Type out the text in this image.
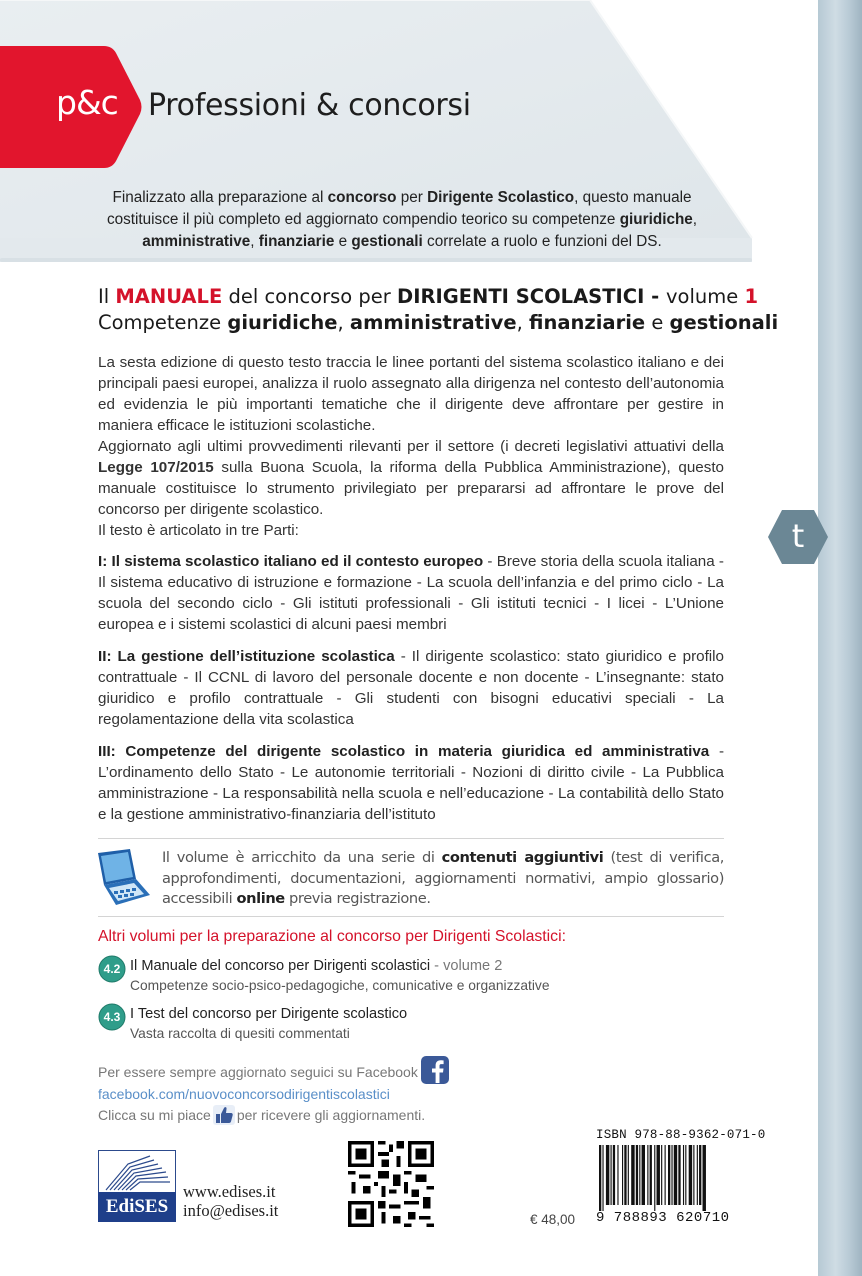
p&c Professioni & concorsi
Finalizzato alla preparazione al concorso per Dirigente Scolastico, questo manuale
costituisce il più completo ed aggiornato compendio teorico su competenze giuridiche,
amministrative, finanziarie e gestionali correlate a ruolo e funzioni del DS.
Il MANUALE del concorso per DIRIGENTI SCOLASTICI - volume 1
Competenze giuridiche, amministrative, finanziarie e gestionali

La sesta edizione di questo testo traccia le linee portanti del sistema scolastico italiano e dei principali paesi europei, analizza il ruolo assegnato alla dirigenza nel contesto dell’autonomia ed evidenzia le più importanti tematiche che il dirigente deve affrontare per gestire in maniera efficace le istituzioni scolastiche.

Aggiornato agli ultimi provvedimenti rilevanti per il settore (i decreti legislativi attuativi della Legge 107/2015 sulla Buona Scuola, la riforma della Pubblica Amministrazione), questo manuale costituisce lo strumento privilegiato per prepararsi ad affrontare le prove del concorso per dirigente scolastico.

Il testo è articolato in tre Parti:

I: Il sistema scolastico italiano ed il contesto europeo - Breve storia della scuola italiana - Il sistema educativo di istruzione e formazione - La scuola dell’infanzia e del primo ciclo - La scuola del secondo ciclo - Gli istituti professionali - Gli istituti tecnici - I licei - L’Unione europea e i sistemi scolastici di alcuni paesi membri
II: La gestione dell’istituzione scolastica - Il dirigente scolastico: stato giuridico e profilo contrattuale - Il CCNL di lavoro del personale docente e non docente - L’insegnante: stato giuridico e profilo contrattuale - Gli studenti con bisogni educativi speciali - La regolamentazione della vita scolastica
III: Competenze del dirigente scolastico in materia giuridica ed amministrativa - L’ordinamento dello Stato - Le autonomie territoriali - Nozioni di diritto civile - La Pubblica amministrazione - La responsabilità nella scuola e nell’educazione - La contabilità dello Stato e la gestione amministrativo-finanziaria dell’istituto
Il volume è arricchito da una serie di contenuti aggiuntivi (test di verifica, approfondimenti, documentazioni, aggiornamenti normativi, ampio glossario) accessibili online previa registrazione.
Altri volumi per la preparazione al concorso per Dirigenti Scolastici:
4.2 Il Manuale del concorso per Dirigenti scolastici - volume 2
Competenze socio-psico-pedagogiche, comunicative e organizzative
4.3 I Test del concorso per Dirigente scolastico
Vasta raccolta di quesiti commentati
Per essere sempre aggiornato seguici su Facebook
facebook.com/nuovoconcorsodirigentiscolastici
Clicca su mi piace per ricevere gli aggiornamenti.
EdiSES
www.edises.it
info@edises.it
ISBN 978-88-9362-071-0
9 788893 620710
€ 48,00
t
